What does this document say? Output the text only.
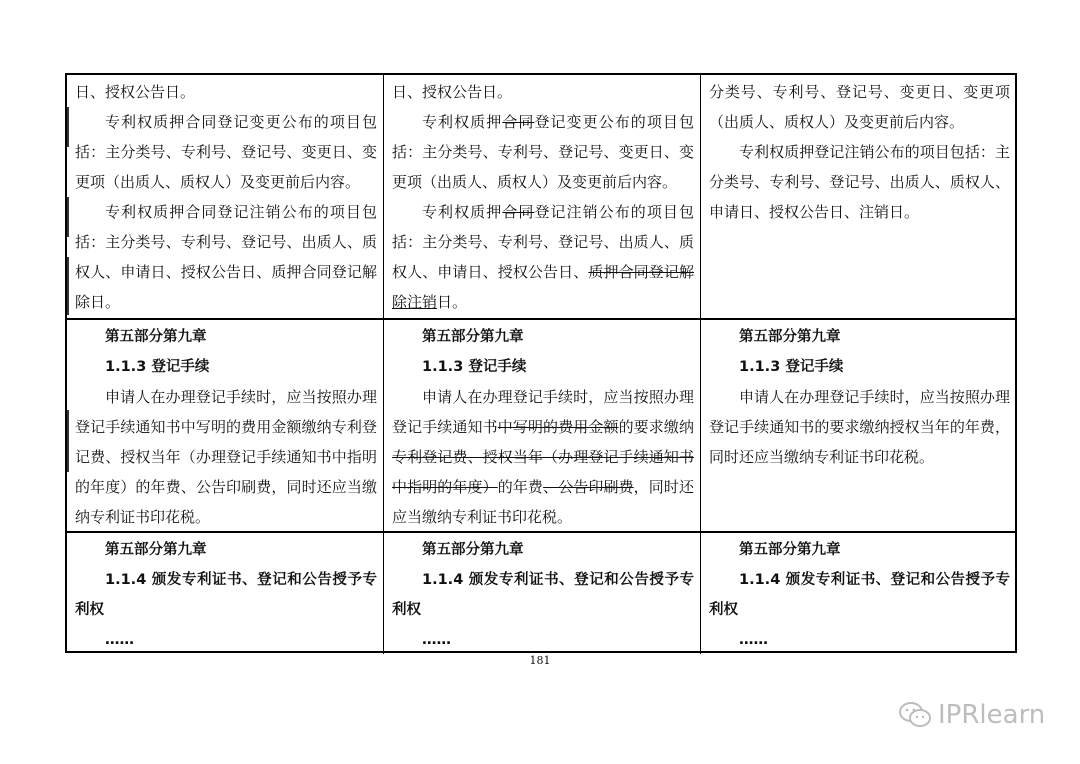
日、授权公告日。

专利权质押合同登记变更公布的项目包括：主分类号、专利号、登记号、变更日、变更项（出质人、质权人）及变更前后内容。

专利权质押合同登记注销公布的项目包括：主分类号、专利号、登记号、出质人、质权人、申请日、授权公告日、质押合同登记解除日。

日、授权公告日。

专利权质押合同登记变更公布的项目包括：主分类号、专利号、登记号、变更日、变更项（出质人、质权人）及变更前后内容。

专利权质押合同登记注销公布的项目包括：主分类号、专利号、登记号、出质人、质权人、申请日、授权公告日、质押合同登记解除注销日。

分类号、专利号、登记号、变更日、变更项（出质人、质权人）及变更前后内容。

专利权质押登记注销公布的项目包括：主分类号、专利号、登记号、出质人、质权人、申请日、授权公告日、注销日。

第五部分第九章

1.1.3 登记手续

申请人在办理登记手续时，应当按照办理登记手续通知书中写明的费用金额缴纳专利登记费、授权当年（办理登记手续通知书中指明的年度）的年费、公告印刷费，同时还应当缴纳专利证书印花税。

第五部分第九章

1.1.3 登记手续

申请人在办理登记手续时，应当按照办理登记手续通知书中写明的费用金额的要求缴纳专利登记费、授权当年（办理登记手续通知书中指明的年度）的年费、公告印刷费，同时还应当缴纳专利证书印花税。

第五部分第九章

1.1.3 登记手续

申请人在办理登记手续时，应当按照办理登记手续通知书的要求缴纳授权当年的年费，同时还应当缴纳专利证书印花税。

第五部分第九章

1.1.4 颁发专利证书、登记和公告授予专利权

……

第五部分第九章

1.1.4 颁发专利证书、登记和公告授予专利权

……

第五部分第九章

1.1.4 颁发专利证书、登记和公告授予专利权

……

181
IPRlearn
